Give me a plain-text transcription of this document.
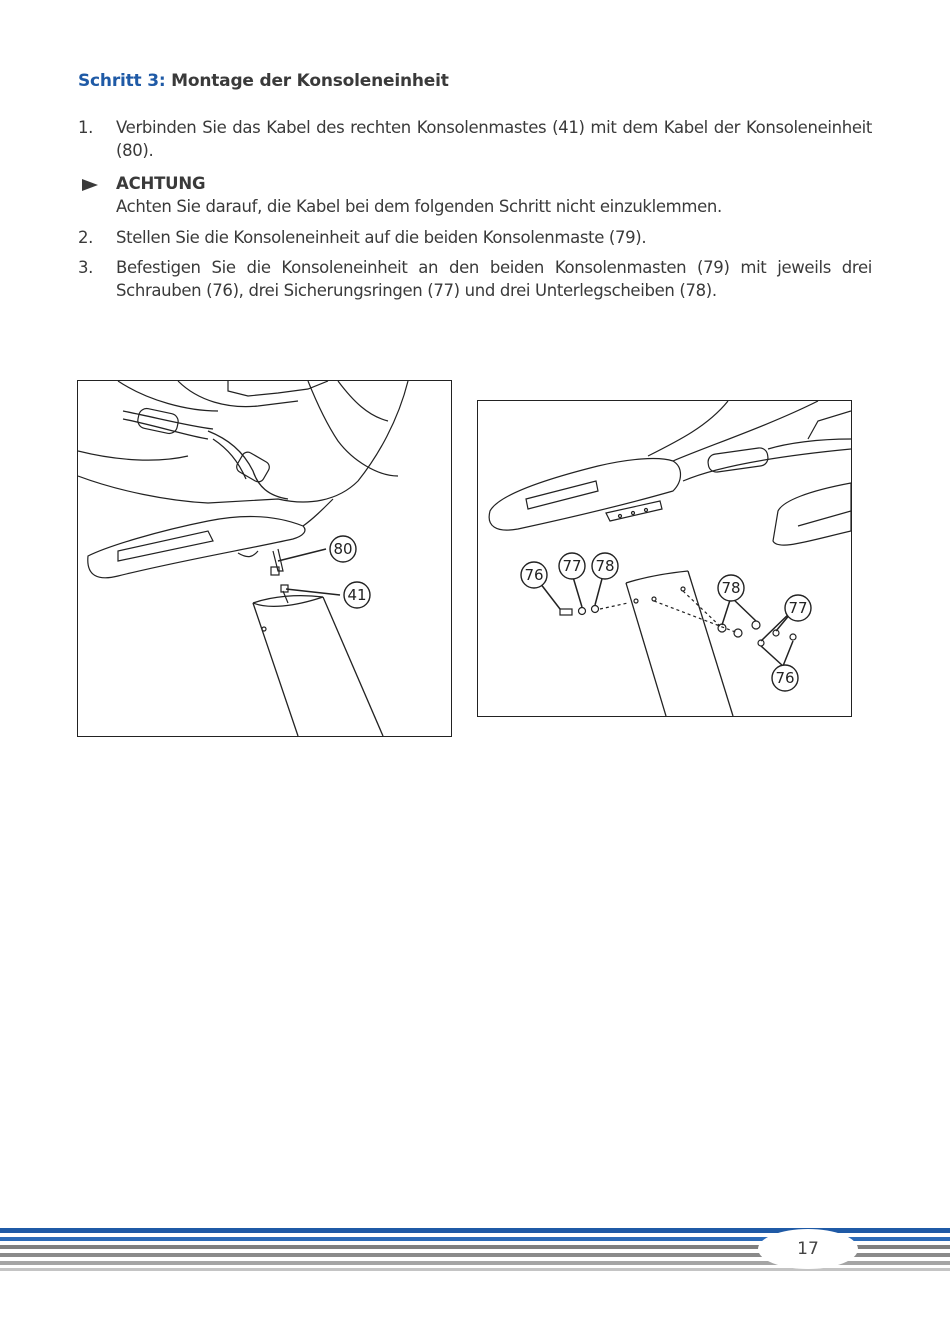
Schritt 3: Montage der Konsoleneinheit
1.	Verbinden Sie das Kabel des rechten Konsolenmastes (41) mit dem Kabel der Konsoleneinheit
(80).
ACHTUNG
Achten Sie darauf, die Kabel bei dem folgenden Schritt nicht einzuklemmen.
2.	Stellen Sie die Konsoleneinheit auf die beiden Konsolenmaste (79).
3.	Befestigen Sie die Konsoleneinheit an den beiden Konsolenmasten (79) mit jeweils drei
Schrauben (76), drei Sicherungsringen (77) und drei Unterlegscheiben (78).
80
41
76 77 78
78
77
76
17
